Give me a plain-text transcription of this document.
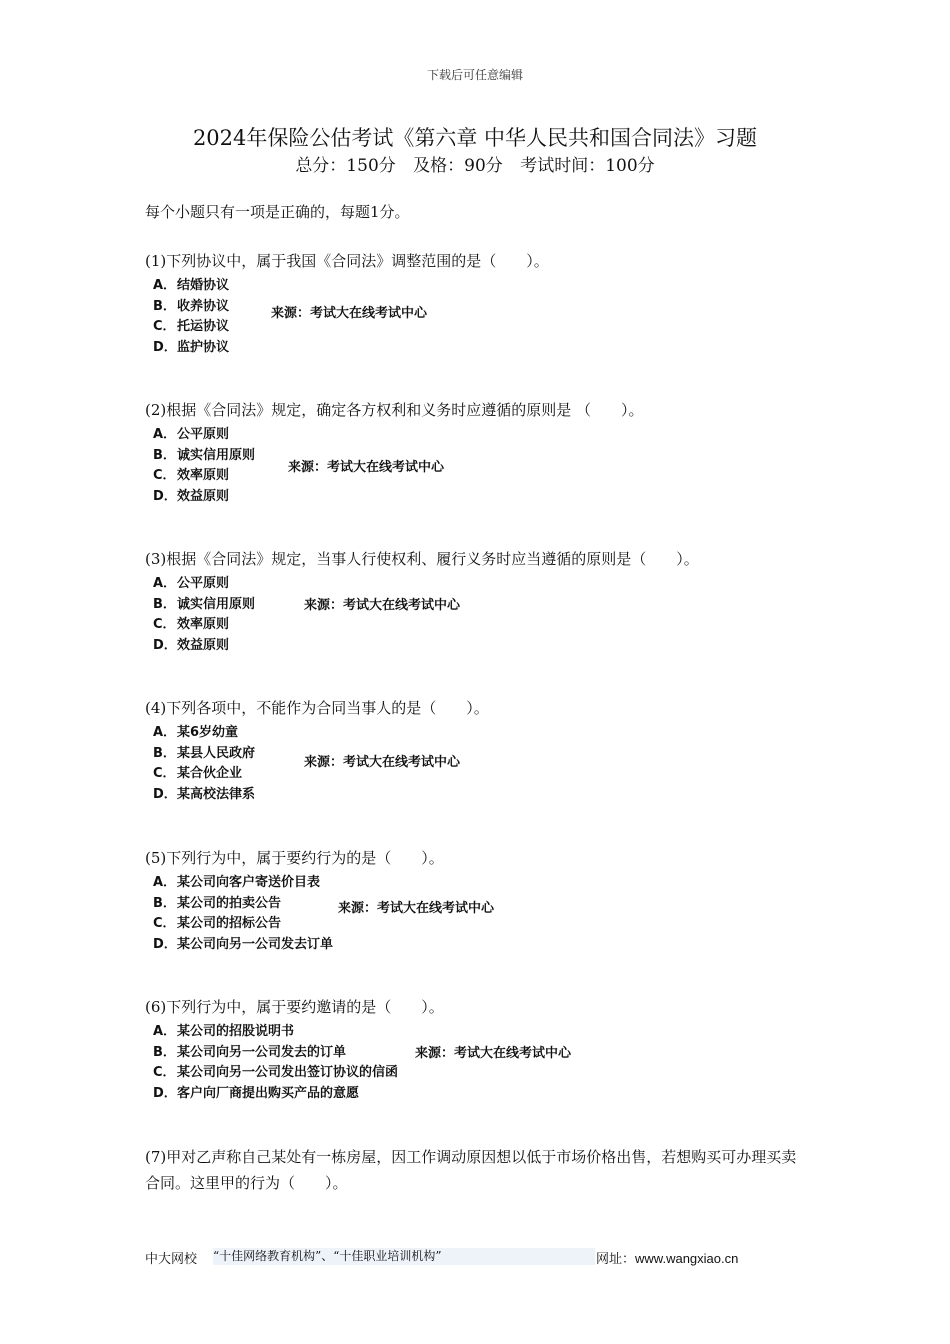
下载后可任意编辑
2024年保险公估考试《第六章 中华人民共和国合同法》习题
总分：150分 及格：90分 考试时间：100分
每个小题只有一项是正确的，每题1分。
(1)下列协议中，属于我国《合同法》调整范围的是（　　）。
A．结婚协议
B．收养协议
C．托运协议
D．监护协议
来源：考试大在线考试中心
(2)根据《合同法》规定，确定各方权利和义务时应遵循的原则是 （　　）。
A．公平原则
B．诚实信用原则
C．效率原则
D．效益原则
来源：考试大在线考试中心
(3)根据《合同法》规定，当事人行使权利、履行义务时应当遵循的原则是（　　）。
A．公平原则
B．诚实信用原则
C．效率原则
D．效益原则
来源：考试大在线考试中心
(4)下列各项中，不能作为合同当事人的是（　　）。
A．某6岁幼童
B．某县人民政府
C．某合伙企业
D．某高校法律系
来源：考试大在线考试中心
(5)下列行为中，属于要约行为的是（　　）。
A．某公司向客户寄送价目表
B．某公司的拍卖公告
C．某公司的招标公告
D．某公司向另一公司发去订单
来源：考试大在线考试中心
(6)下列行为中，属于要约邀请的是（　　）。
A．某公司的招股说明书
B．某公司向另一公司发去的订单
C．某公司向另一公司发出签订协议的信函
D．客户向厂商提出购买产品的意愿
来源：考试大在线考试中心
(7)甲对乙声称自己某处有一栋房屋，因工作调动原因想以低于市场价格出售，若想购买可办理买卖合同。这里甲的行为（　　）。
中大网校 “十佳网络教育机构”、“十佳职业培训机构”	网址：www.wangxiao.cn
